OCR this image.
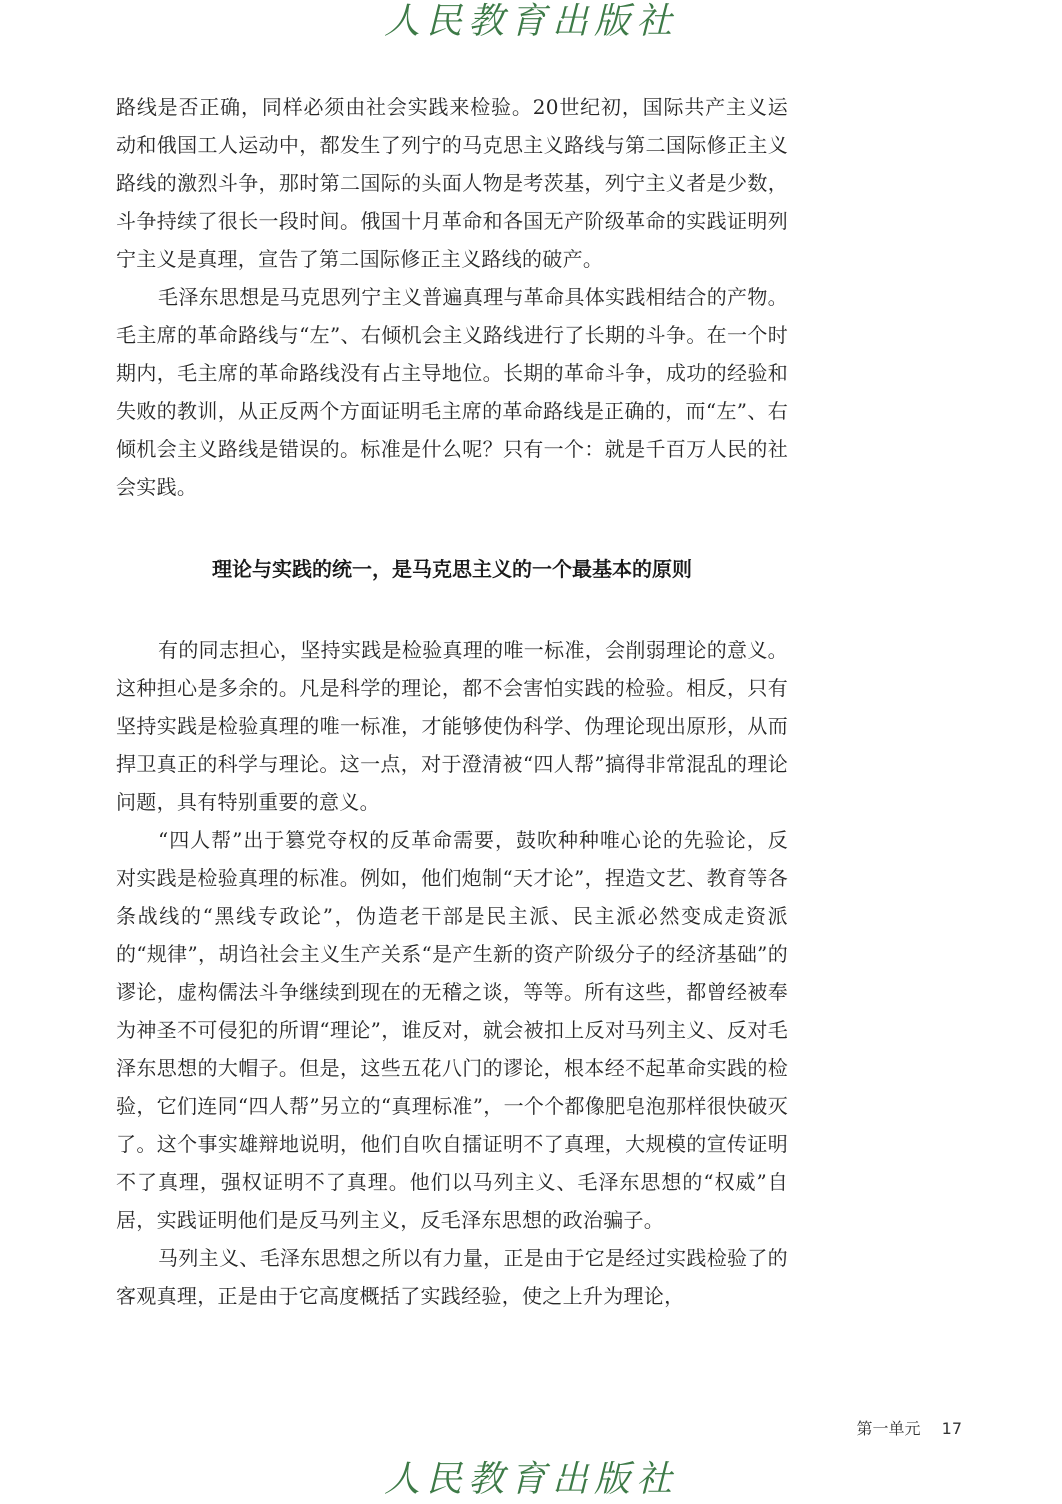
人民教育出版社

路线是否正确，同样必须由社会实践来检验。20世纪初，国际共产主义运动和俄国工人运动中，都发生了列宁的马克思主义路线与第二国际修正主义路线的激烈斗争，那时第二国际的头面人物是考茨基，列宁主义者是少数，斗争持续了很长一段时间。俄国十月革命和各国无产阶级革命的实践证明列宁主义是真理，宣告了第二国际修正主义路线的破产。

毛泽东思想是马克思列宁主义普遍真理与革命具体实践相结合的产物。毛主席的革命路线与“左”、右倾机会主义路线进行了长期的斗争。在一个时期内，毛主席的革命路线没有占主导地位。长期的革命斗争，成功的经验和失败的教训，从正反两个方面证明毛主席的革命路线是正确的，而“左”、右倾机会主义路线是错误的。标准是什么呢？只有一个：就是千百万人民的社会实践。

理论与实践的统一，是马克思主义的一个最基本的原则

有的同志担心，坚持实践是检验真理的唯一标准，会削弱理论的意义。这种担心是多余的。凡是科学的理论，都不会害怕实践的检验。相反，只有坚持实践是检验真理的唯一标准，才能够使伪科学、伪理论现出原形，从而捍卫真正的科学与理论。这一点，对于澄清被“四人帮”搞得非常混乱的理论问题，具有特别重要的意义。

“四人帮”出于篡党夺权的反革命需要，鼓吹种种唯心论的先验论，反对实践是检验真理的标准。例如，他们炮制“天才论”，捏造文艺、教育等各条战线的“黑线专政论”，伪造老干部是民主派、民主派必然变成走资派的“规律”，胡诌社会主义生产关系“是产生新的资产阶级分子的经济基础”的谬论，虚构儒法斗争继续到现在的无稽之谈，等等。所有这些，都曾经被奉为神圣不可侵犯的所谓“理论”，谁反对，就会被扣上反对马列主义、反对毛泽东思想的大帽子。但是，这些五花八门的谬论，根本经不起革命实践的检验，它们连同“四人帮”另立的“真理标准”，一个个都像肥皂泡那样很快破灭了。这个事实雄辩地说明，他们自吹自擂证明不了真理，大规模的宣传证明不了真理，强权证明不了真理。他们以马列主义、毛泽东思想的“权威”自居，实践证明他们是反马列主义，反毛泽东思想的政治骗子。

马列主义、毛泽东思想之所以有力量，正是由于它是经过实践检验了的客观真理，正是由于它高度概括了实践经验，使之上升为理论，

第一单元 17
人民教育出版社
